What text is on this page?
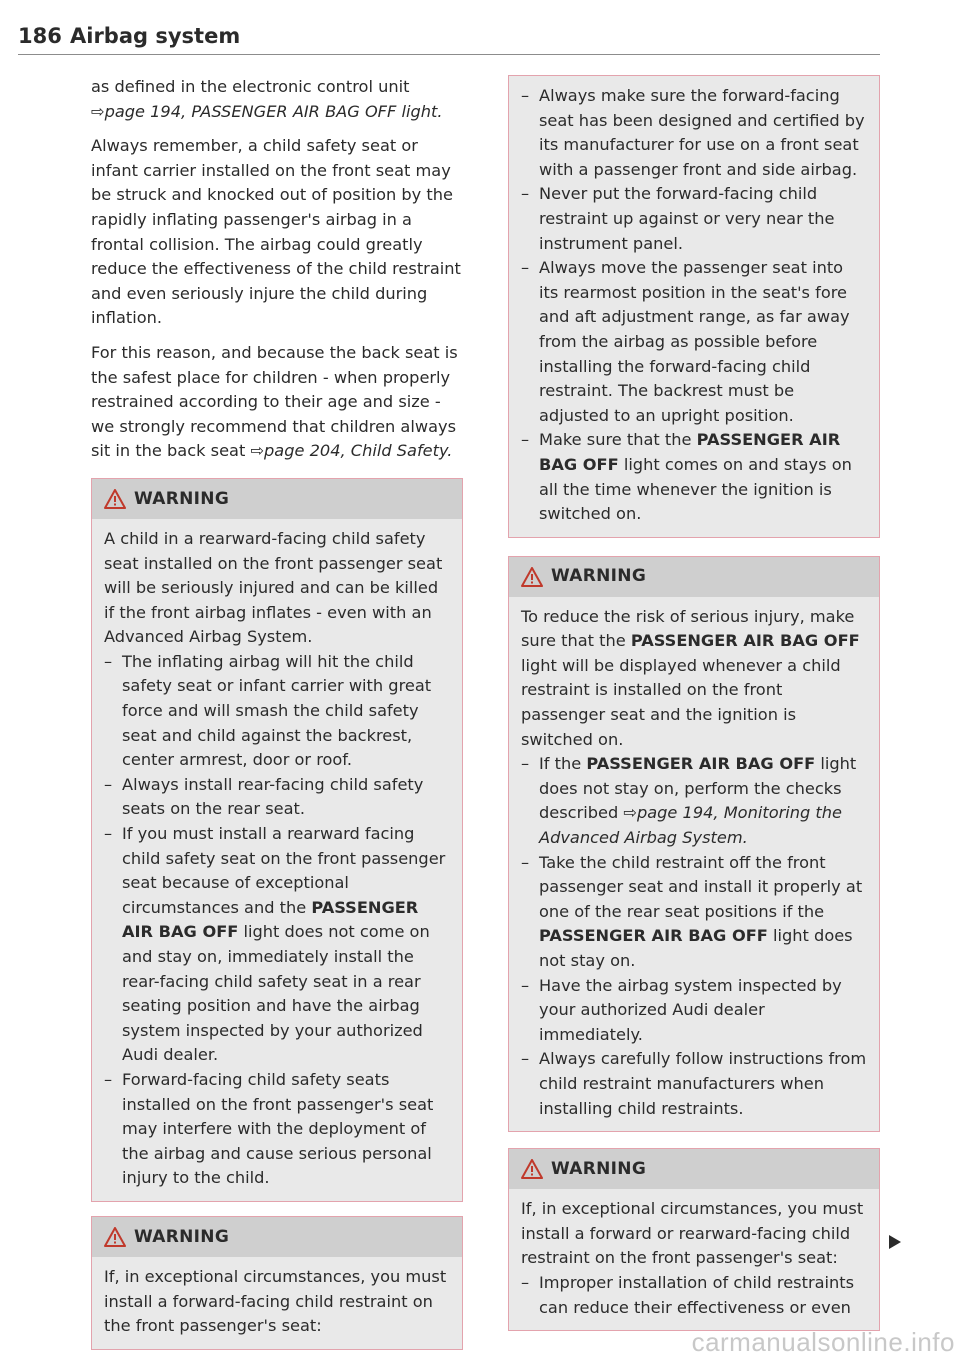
186 Airbag system

as defined in the electronic control unit ⇨page 194, PASSENGER AIR BAG OFF light.

Always remember, a child safety seat or infant carrier installed on the front seat may be struck and knocked out of position by the rapidly inflating passenger's airbag in a frontal collision. The airbag could greatly reduce the effectiveness of the child restraint and even seriously injure the child during inflation.

For this reason, and because the back seat is the safest place for children - when properly restrained according to their age and size - we strongly recommend that children always sit in the back seat ⇨page 204, Child Safety.

WARNING

A child in a rearward-facing child safety seat installed on the front passenger seat will be seriously injured and can be killed if the front airbag inflates - even with an Advanced Airbag System.

– The inflating airbag will hit the child safety seat or infant carrier with great force and will smash the child safety seat and child against the backrest, center armrest, door or roof.
– Always install rear-facing child safety seats on the rear seat.
– If you must install a rearward facing child safety seat on the front passenger seat because of exceptional circumstances and the PASSENGER AIR BAG OFF light does not come on and stay on, immediately install the rear-facing child safety seat in a rear seating position and have the airbag system inspected by your authorized Audi dealer.
– Forward-facing child safety seats installed on the front passenger's seat may interfere with the deployment of the airbag and cause serious personal injury to the child.
WARNING

If, in exceptional circumstances, you must install a forward-facing child restraint on the front passenger's seat:

– Always make sure the forward-facing seat has been designed and certified by its manufacturer for use on a front seat with a passenger front and side airbag.
– Never put the forward-facing child restraint up against or very near the instrument panel.
– Always move the passenger seat into its rearmost position in the seat's fore and aft adjustment range, as far away from the airbag as possible before installing the forward-facing child restraint. The backrest must be adjusted to an upright position.
– Make sure that the PASSENGER AIR BAG OFF light comes on and stays on all the time whenever the ignition is switched on.
WARNING

To reduce the risk of serious injury, make sure that the PASSENGER AIR BAG OFF light will be displayed whenever a child restraint is installed on the front passenger seat and the ignition is switched on.

– If the PASSENGER AIR BAG OFF light does not stay on, perform the checks described ⇨page 194, Monitoring the Advanced Airbag System.
– Take the child restraint off the front passenger seat and install it properly at one of the rear seat positions if the PASSENGER AIR BAG OFF light does not stay on.
– Have the airbag system inspected by your authorized Audi dealer immediately.
– Always carefully follow instructions from child restraint manufacturers when installing child restraints.
WARNING

If, in exceptional circumstances, you must install a forward or rearward-facing child restraint on the front passenger's seat:

– Improper installation of child restraints can reduce their effectiveness or even
carmanualsonline.info
